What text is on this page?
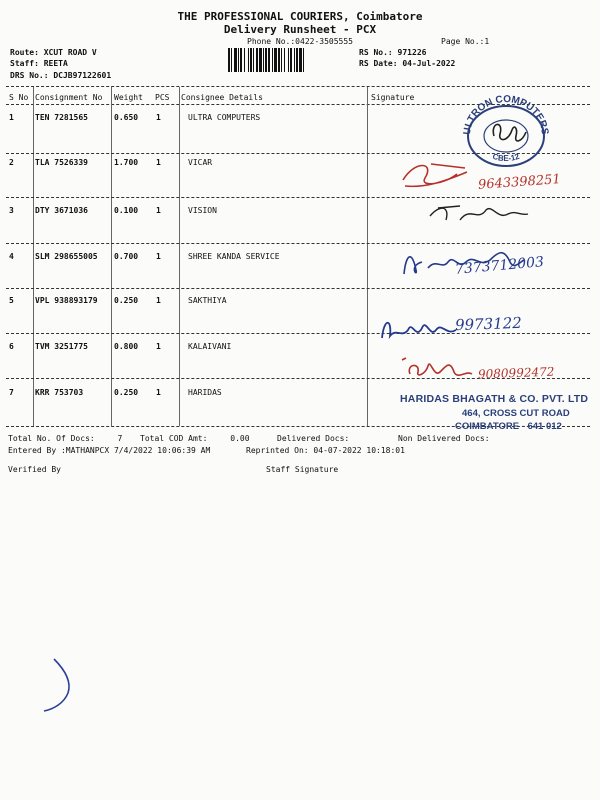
THE PROFESSIONAL COURIERS, Coimbatore
Delivery Runsheet - PCX
Phone No.:0422-3505555	Page No.:1
Route: XCUT ROAD V
Staff: REETA
DRS No.: DCJB97122601
RS No.: 971226
RS Date: 04-Jul-2022
S No Consignment No Weight PCS Consignee Details	Signature
1	TEN 7281565	0.650 1	ULTRA COMPUTERS
2	TLA 7526339	1.700 1	VICAR
3	DTY 3671036	0.100 1	VISION
4	SLM 298655005 0.700 1	SHREE KANDA SERVICE
5	VPL 938893179 0.250 1	SAKTHIYA
6	TVM 3251775	0.800 1	KALAIVANI
7	KRR 753703	0.250 1	HARIDAS
ULTRON COMPUTERS
CBE-12
9643398251
7373712003
9973122
9080992472
HARIDAS BHAGATH & CO. PVT. LTD
464, CROSS CUT ROAD
COIMBATORE - 641 012
Total No. Of Docs:	7 Total COD Amt:	0.00	Delivered Docs:	Non Delivered Docs:
Entered By :MATHANPCX 7/4/2022 10:06:39 AM	Reprinted On: 04-07-2022 10:18:01
Verified By	Staff Signature
